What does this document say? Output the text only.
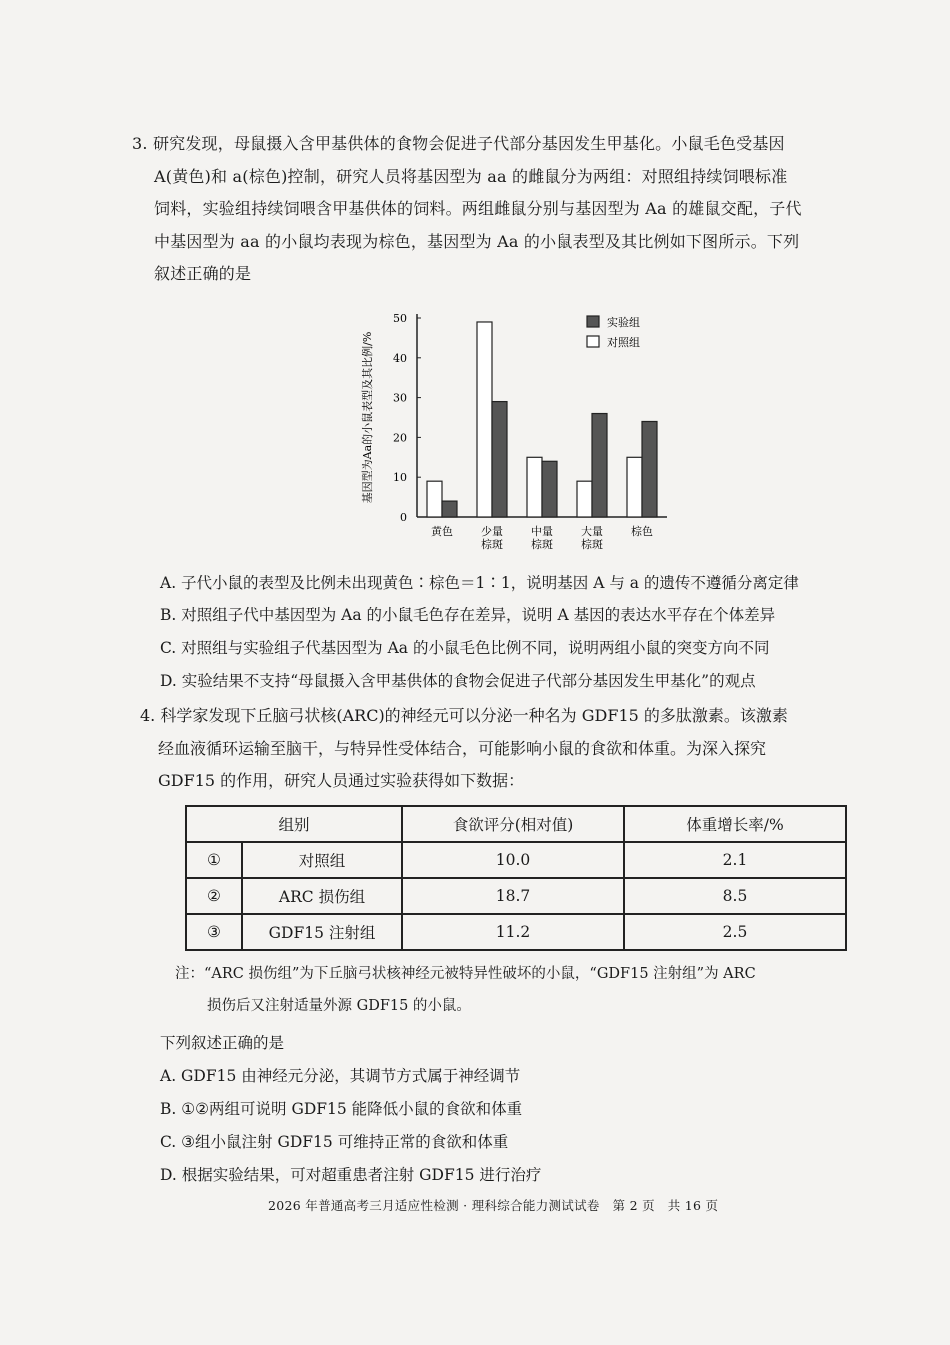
3. 研究发现，母鼠摄入含甲基供体的食物会促进子代部分基因发生甲基化。小鼠毛色受基因
A(黄色)和 a(棕色)控制，研究人员将基因型为 aa 的雌鼠分为两组：对照组持续饲喂标准
饲料，实验组持续饲喂含甲基供体的饲料。两组雌鼠分别与基因型为 Aa 的雄鼠交配，子代
中基因型为 aa 的小鼠均表现为棕色，基因型为 Aa 的小鼠表型及其比例如下图所示。下列
叙述正确的是
基因型为Aa的小鼠表型及其比例/%
0
10
20
30
40
50
黄色	少量
棕斑
中量
棕斑
大量
棕斑
棕色
实验组
对照组
A. 子代小鼠的表型及比例未出现黄色∶棕色＝1∶1，说明基因 A 与 a 的遗传不遵循分离定律
B. 对照组子代中基因型为 Aa 的小鼠毛色存在差异，说明 A 基因的表达水平存在个体差异
C. 对照组与实验组子代基因型为 Aa 的小鼠毛色比例不同，说明两组小鼠的突变方向不同
D. 实验结果不支持“母鼠摄入含甲基供体的食物会促进子代部分基因发生甲基化”的观点
4. 科学家发现下丘脑弓状核(ARC)的神经元可以分泌一种名为 GDF15 的多肽激素。该激素
经血液循环运输至脑干，与特异性受体结合，可能影响小鼠的食欲和体重。为深入探究
GDF15 的作用，研究人员通过实验获得如下数据：
组别		食欲评分(相对值)	体重增长率/%
①	对照组	10.0	2.1
②	ARC 损伤组	18.7	8.5
③	GDF15 注射组	11.2	2.5
注：“ARC 损伤组”为下丘脑弓状核神经元被特异性破坏的小鼠，“GDF15 注射组”为 ARC
损伤后又注射适量外源 GDF15 的小鼠。
下列叙述正确的是
A. GDF15 由神经元分泌，其调节方式属于神经调节
B. ①②两组可说明 GDF15 能降低小鼠的食欲和体重
C. ③组小鼠注射 GDF15 可维持正常的食欲和体重
D. 根据实验结果，可对超重患者注射 GDF15 进行治疗
2026 年普通高考三月适应性检测 · 理科综合能力测试试卷　第 2 页　共 16 页
